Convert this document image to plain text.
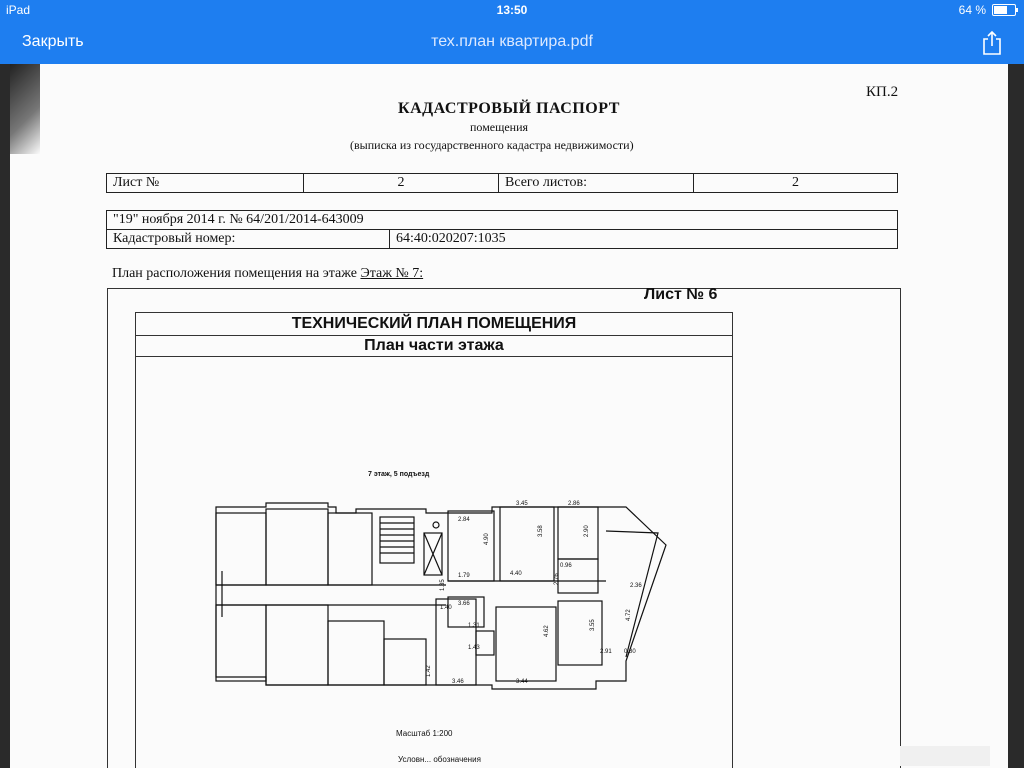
iPad	13:50	64 %
Закрыть	тех.план квартира.pdf
КП.2
КАДАСТРОВЫЙ ПАСПОРТ
помещения
(выписка из государственного кадастра недвижимости)
Лист №	2	Всего листов:	2
"19" ноября 2014 г. № 64/201/2014-643009
Кадастровый номер:	64:40:020207:1035
План расположения помещения на этаже Этаж № 7:
Лист № 6
ТЕХНИЧЕСКИЙ ПЛАН ПОМЕЩЕНИЯ
План части этажа
7 этаж, 5 подъезд
2.84
3.45	2.86
4.90
3.58	2.90
1.79
1.35
4.40
0.96
2.76
2.36
1.40
3.66
1.31
1.43
4.62
3.55
2.91
4.72
0.80
1.42
3.46	3.44
Масштаб 1:200
Условн... обозначения
